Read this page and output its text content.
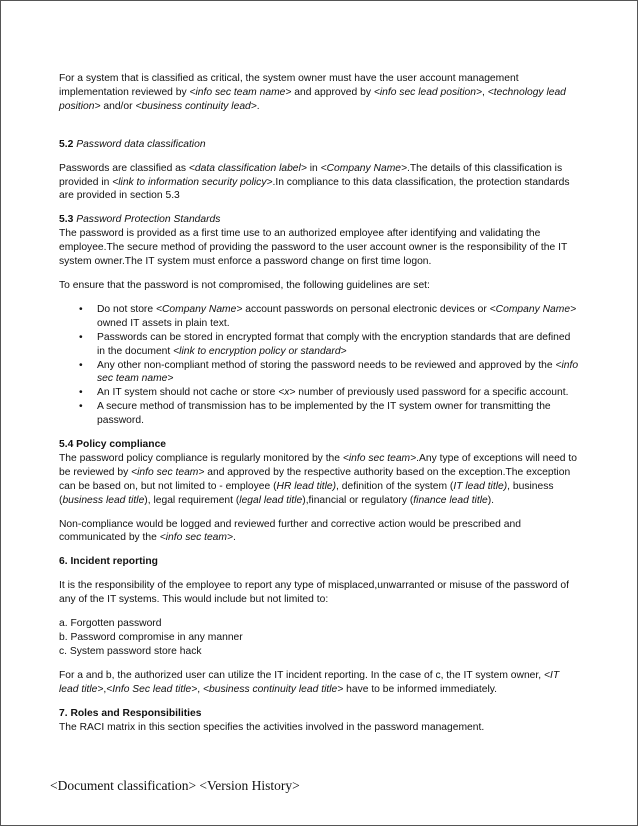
For a system that is classified as critical, the system owner must have the user account management implementation reviewed by <info sec team name> and approved by <info sec lead position>, <technology lead position> and/or <business continuity lead>.

5.2 Password data classification

Passwords are classified as <data classification label> in <Company Name>.The details of this classification is provided in <link to information security policy>.In compliance to this data classification, the protection standards are provided in section 5.3

5.3 Password Protection Standards

The password is provided as a first time use to an authorized employee after identifying and validating the employee.The secure method of providing the password to the user account owner is the responsibility of the IT system owner.The IT system must enforce a password change on first time logon.

To ensure that the password is not compromised, the following guidelines are set:

• Do not store <Company Name> account passwords on personal electronic devices or <Company Name> owned IT assets in plain text.
• Passwords can be stored in encrypted format that comply with the encryption standards that are defined in the document <link to encryption policy or standard>
• Any other non-compliant method of storing the password needs to be reviewed and approved by the <info sec team name>
• An IT system should not cache or store <x> number of previously used password for a specific account.
• A secure method of transmission has to be implemented by the IT system owner for transmitting the password.

5.4 Policy compliance

The password policy compliance is regularly monitored by the <info sec team>.Any type of exceptions will need to be reviewed by <info sec team> and approved by the respective authority based on the exception.The exception can be based on, but not limited to - employee (HR lead title), definition of the system (IT lead title), business (business lead title), legal requirement (legal lead title),financial or regulatory (finance lead title).

Non-compliance would be logged and reviewed further and corrective action would be prescribed and communicated by the <info sec team>.

6. Incident reporting

It is the responsibility of the employee to report any type of misplaced,unwarranted or misuse of the password of any of the IT systems. This would include but not limited to:

a. Forgotten password

b. Password compromise in any manner

c. System password store hack

For a and b, the authorized user can utilize the IT incident reporting. In the case of c, the IT system owner, <IT lead title>,<Info Sec lead title>, <business continuity lead title> have to be informed immediately.

7. Roles and Responsibilities

The RACI matrix in this section specifies the activities involved in the password management.

<Document classification> <Version History>
